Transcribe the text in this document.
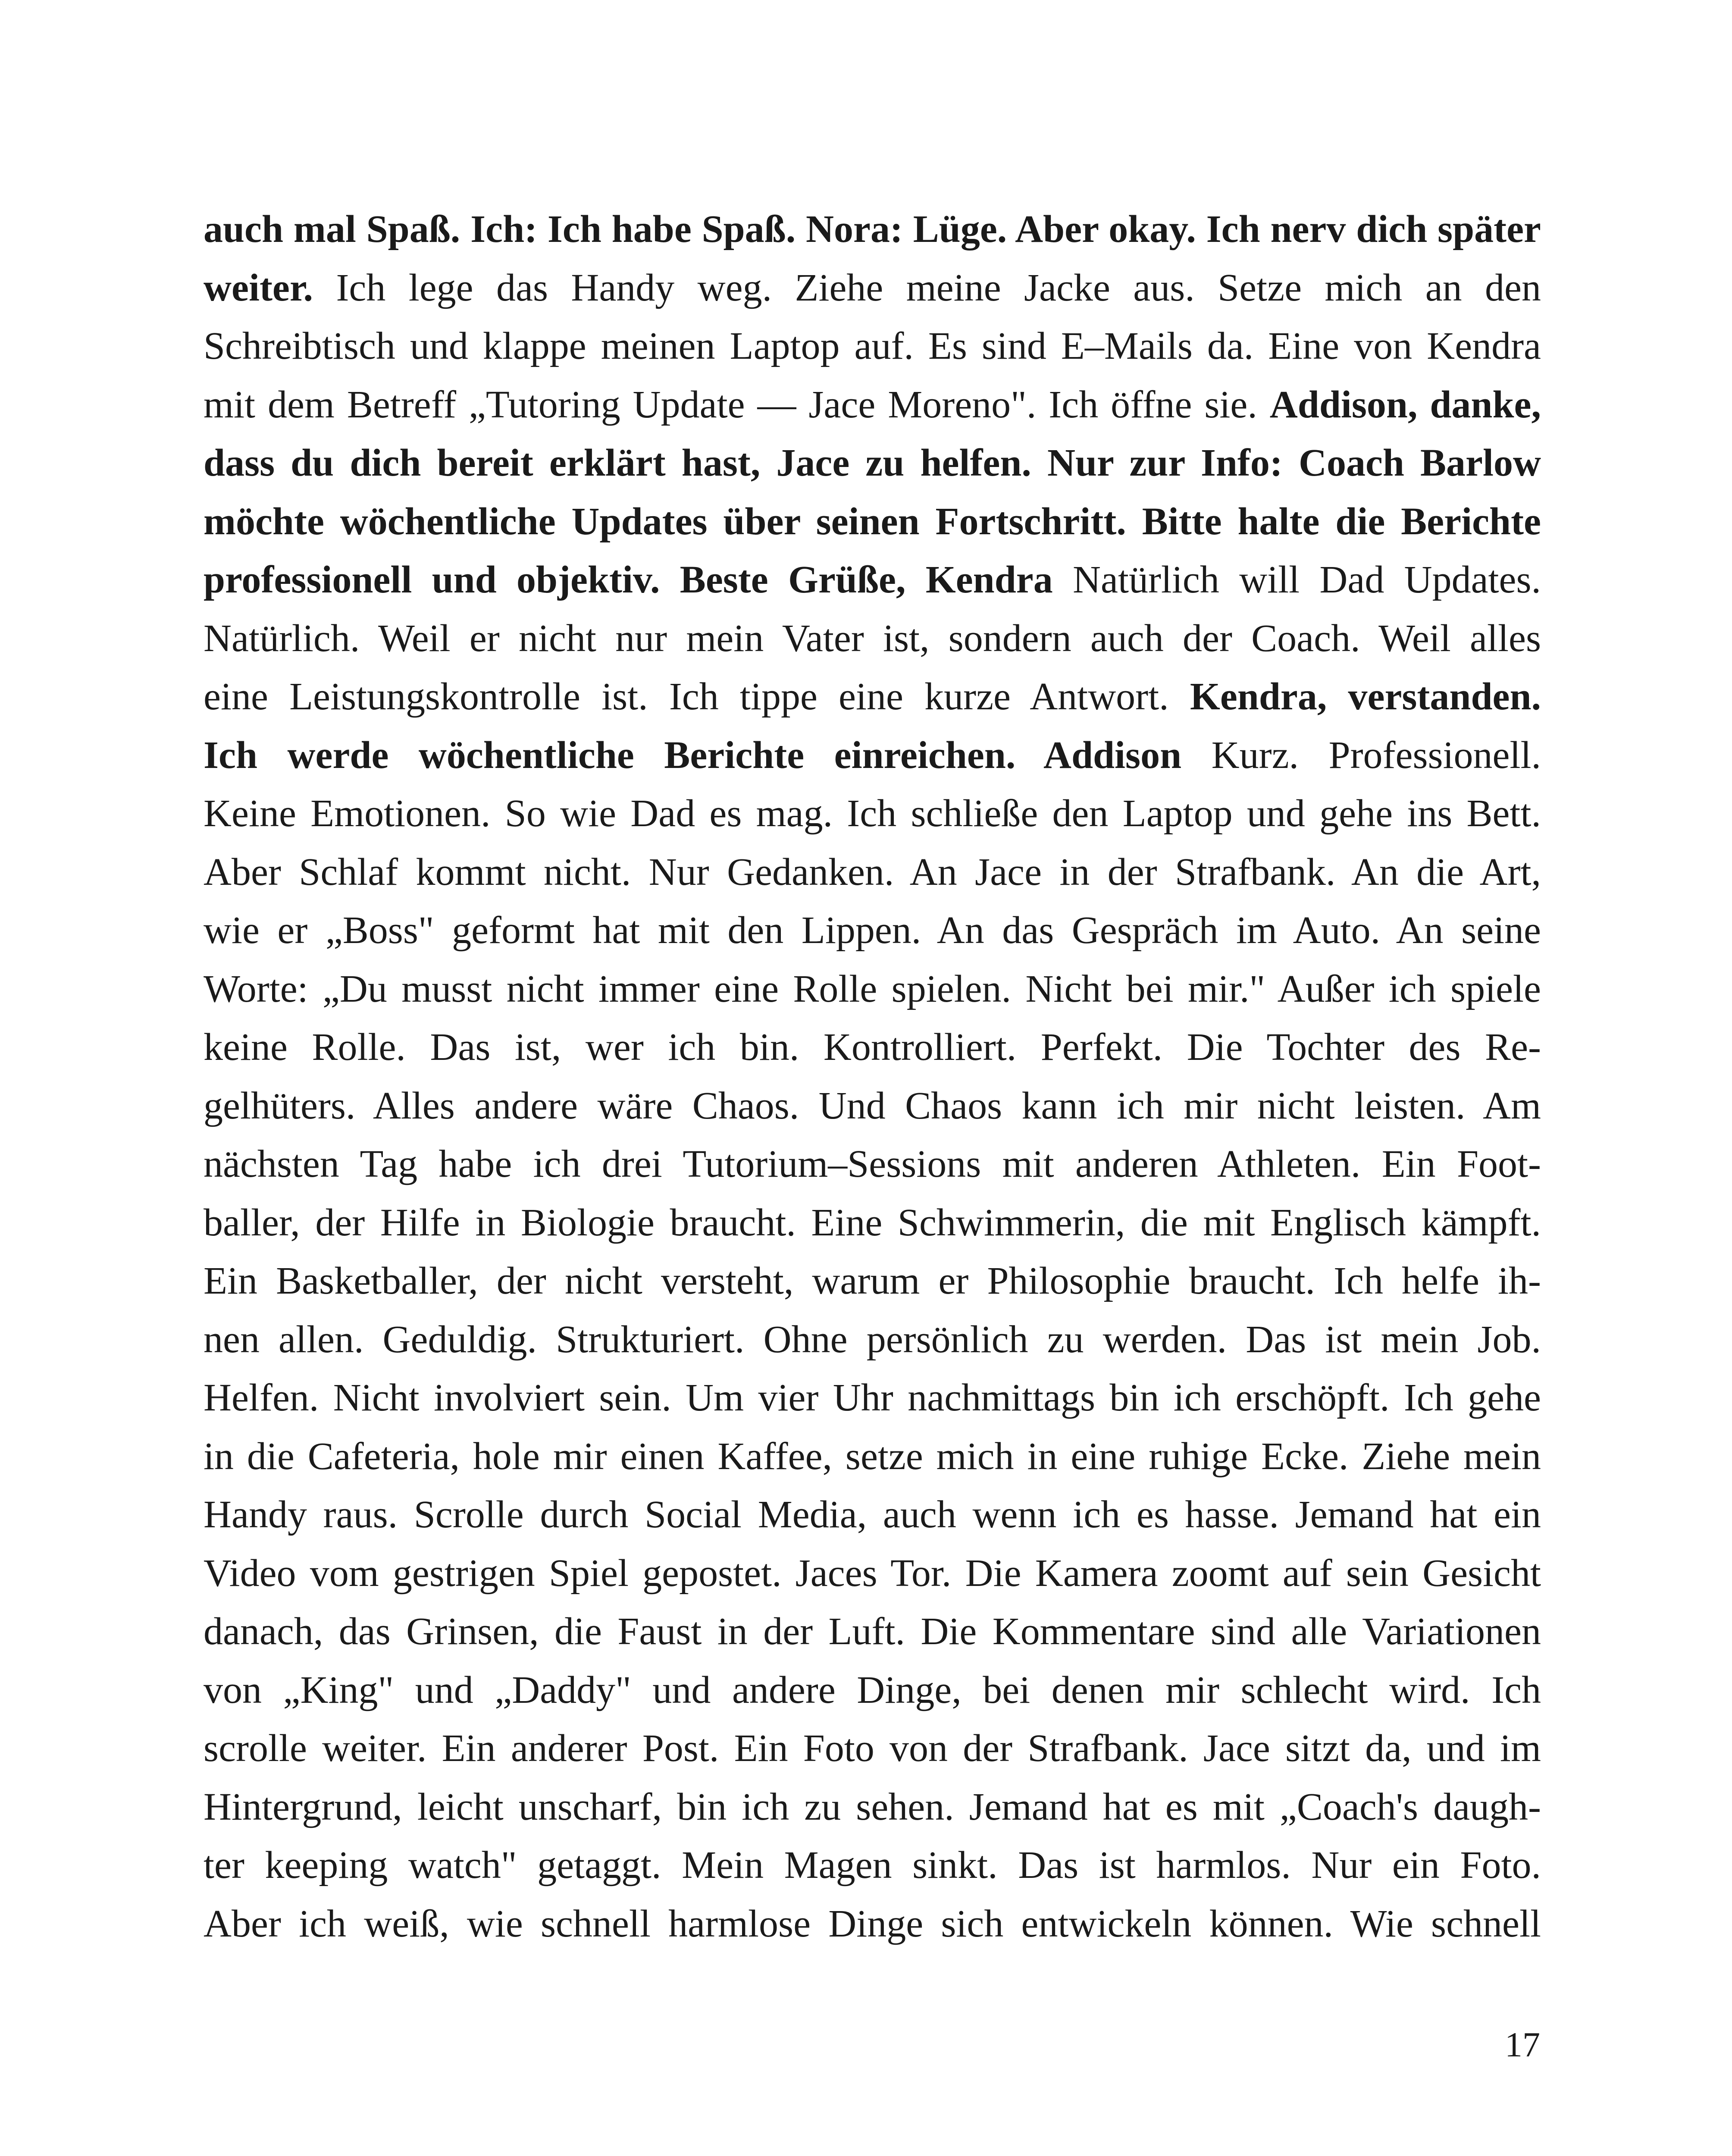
auch mal Spaß. Ich: Ich habe Spaß. Nora: Lüge. Aber okay. Ich nerv dich später
weiter. Ich lege das Handy weg. Ziehe meine Jacke aus. Setze mich an den
Schreibtisch und klappe meinen Laptop auf. Es sind E–Mails da. Eine von Kendra
mit dem Betreff „Tutoring Update — Jace Moreno". Ich öffne sie. Addison, danke,
dass du dich bereit erklärt hast, Jace zu helfen. Nur zur Info: Coach Barlow
möchte wöchentliche Updates über seinen Fortschritt. Bitte halte die Berichte
professionell und objektiv. Beste Grüße, Kendra Natürlich will Dad Updates.
Natürlich. Weil er nicht nur mein Vater ist, sondern auch der Coach. Weil alles
eine Leistungskontrolle ist. Ich tippe eine kurze Antwort. Kendra, verstanden.
Ich werde wöchentliche Berichte einreichen. Addison Kurz. Professionell.
Keine Emotionen. So wie Dad es mag. Ich schließe den Laptop und gehe ins Bett.
Aber Schlaf kommt nicht. Nur Gedanken. An Jace in der Strafbank. An die Art,
wie er „Boss" geformt hat mit den Lippen. An das Gespräch im Auto. An seine
Worte: „Du musst nicht immer eine Rolle spielen. Nicht bei mir." Außer ich spiele
keine Rolle. Das ist, wer ich bin. Kontrolliert. Perfekt. Die Tochter des Re-
gelhüters. Alles andere wäre Chaos. Und Chaos kann ich mir nicht leisten. Am
nächsten Tag habe ich drei Tutorium–Sessions mit anderen Athleten. Ein Foot-
baller, der Hilfe in Biologie braucht. Eine Schwimmerin, die mit Englisch kämpft.
Ein Basketballer, der nicht versteht, warum er Philosophie braucht. Ich helfe ih-
nen allen. Geduldig. Strukturiert. Ohne persönlich zu werden. Das ist mein Job.
Helfen. Nicht involviert sein. Um vier Uhr nachmittags bin ich erschöpft. Ich gehe
in die Cafeteria, hole mir einen Kaffee, setze mich in eine ruhige Ecke. Ziehe mein
Handy raus. Scrolle durch Social Media, auch wenn ich es hasse. Jemand hat ein
Video vom gestrigen Spiel gepostet. Jaces Tor. Die Kamera zoomt auf sein Gesicht
danach, das Grinsen, die Faust in der Luft. Die Kommentare sind alle Variationen
von „King" und „Daddy" und andere Dinge, bei denen mir schlecht wird. Ich
scrolle weiter. Ein anderer Post. Ein Foto von der Strafbank. Jace sitzt da, und im
Hintergrund, leicht unscharf, bin ich zu sehen. Jemand hat es mit „Coach's daugh-
ter keeping watch" getaggt. Mein Magen sinkt. Das ist harmlos. Nur ein Foto.
Aber ich weiß, wie schnell harmlose Dinge sich entwickeln können. Wie schnell
17
